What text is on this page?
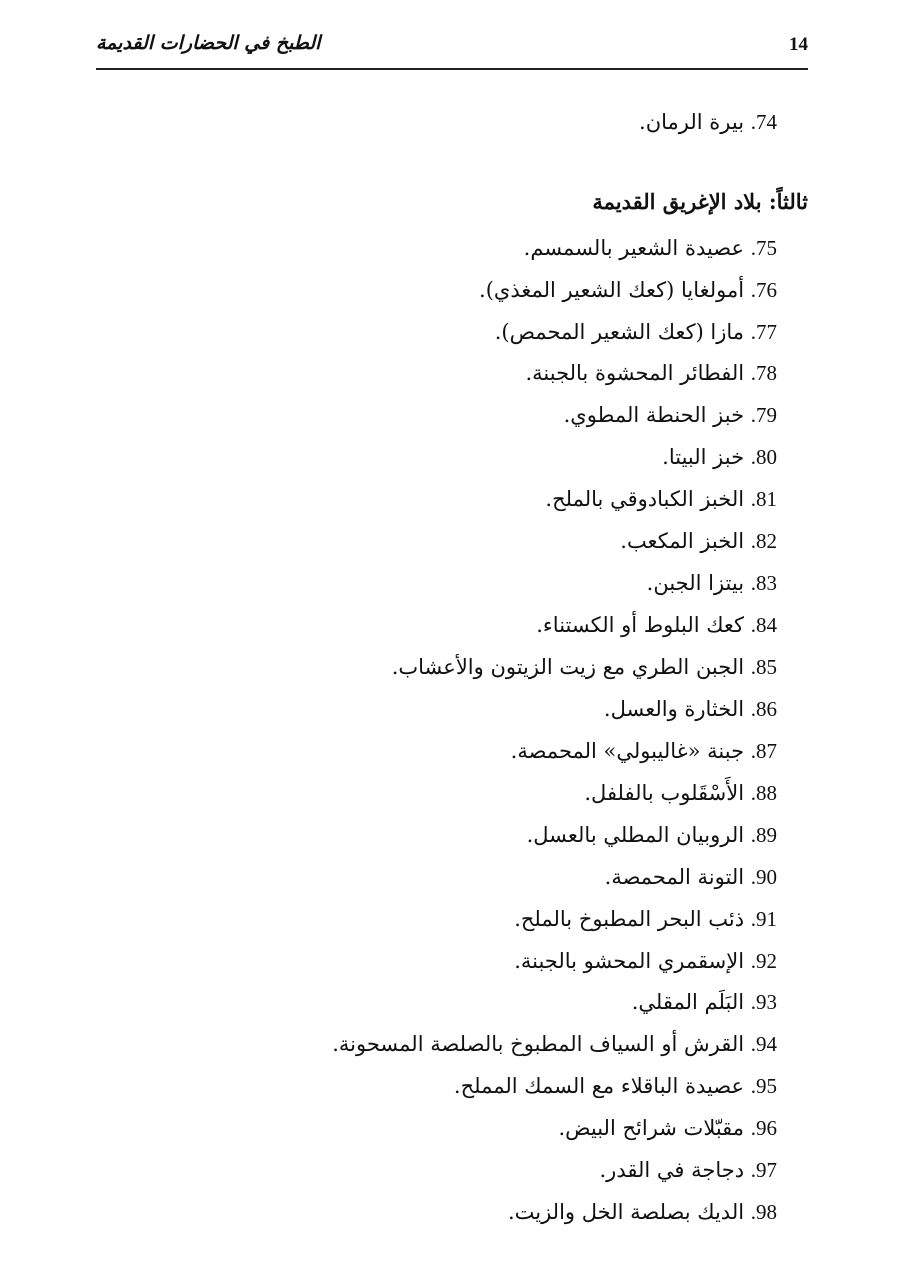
14
الطبخ في الحضارات القديمة
74. بيرة الرمان.
ثالثاً: بلاد الإغريق القديمة
75. عصيدة الشعير بالسمسم.
76. أمولغايا (كعك الشعير المغذي).
77. مازا (كعك الشعير المحمص).
78. الفطائر المحشوة بالجبنة.
79. خبز الحنطة المطوي.
80. خبز البيتا.
81. الخبز الكبادوقي بالملح.
82. الخبز المكعب.
83. بيتزا الجبن.
84. كعك البلوط أو الكستناء.
85. الجبن الطري مع زيت الزيتون والأعشاب.
86. الخثارة والعسل.
87. جبنة «غاليبولي» المحمصة.
88. الأَسْقَلوب بالفلفل.
89. الروبيان المطلي بالعسل.
90. التونة المحمصة.
91. ذئب البحر المطبوخ بالملح.
92. الإسقمري المحشو بالجبنة.
93. البَلَم المقلي.
94. القرش أو السياف المطبوخ بالصلصة المسحونة.
95. عصيدة الباقلاء مع السمك المملح.
96. مقبّلات شرائح البيض.
97. دجاجة في القدر.
98. الديك بصلصة الخل والزيت.
